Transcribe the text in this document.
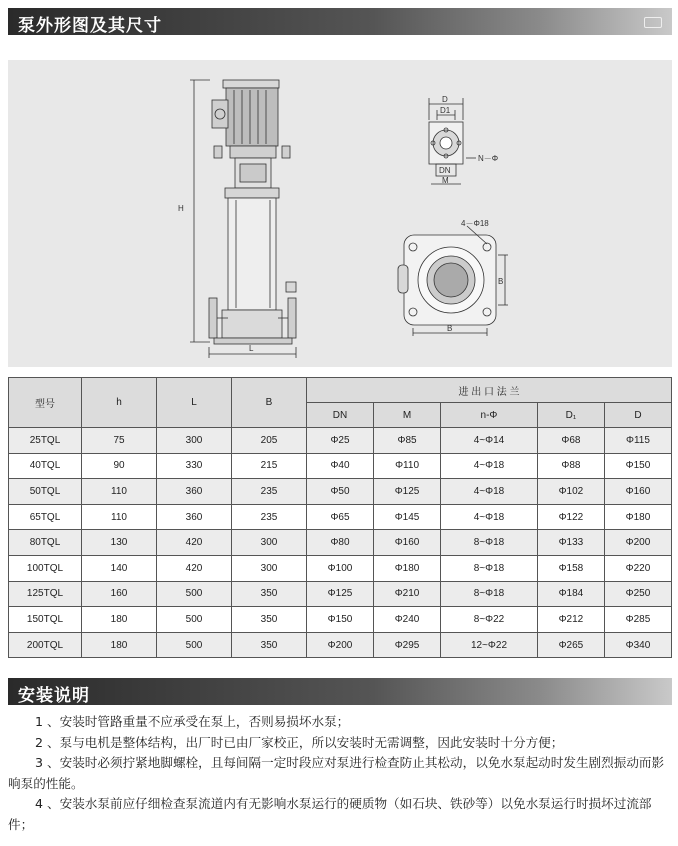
泵外形图及其尺寸
H
L
D
D1
N－Φ
DN
M
4－Φ18
B
B
型号	h	L	B	进 出 口 法 兰				
				DN	M	n-Φ	D₁	D
25TQL	75	300	205	Φ25	Φ85	4~Φ14	Φ68	Φ115
40TQL	90	330	215	Φ40	Φ110	4~Φ18	Φ88	Φ150
50TQL	110	360	235	Φ50	Φ125	4~Φ18	Φ102	Φ160
65TQL	110	360	235	Φ65	Φ145	4~Φ18	Φ122	Φ180
80TQL	130	420	300	Φ80	Φ160	8~Φ18	Φ133	Φ200
100TQL	140	420	300	Φ100	Φ180	8~Φ18	Φ158	Φ220
125TQL	160	500	350	Φ125	Φ210	8~Φ18	Φ184	Φ250
150TQL	180	500	350	Φ150	Φ240	8~Φ22	Φ212	Φ285
200TQL	180	500	350	Φ200	Φ295	12~Φ22	Φ265	Φ340
安装说明

1 、安装时管路重量不应承受在泵上，否则易损坏水泵；

2 、泵与电机是整体结构，出厂时已由厂家校正，所以安装时无需调整，因此安装时十分方便；

3 、安装时必须拧紧地脚螺栓，且每间隔一定时段应对泵进行检查防止其松动，以免水泵起动时发生剧烈振动而影响泵的性能。

4 、安装水泵前应仔细检查泵流道内有无影响水泵运行的硬质物（如石块、铁砂等）以免水泵运行时损坏过流部件；
